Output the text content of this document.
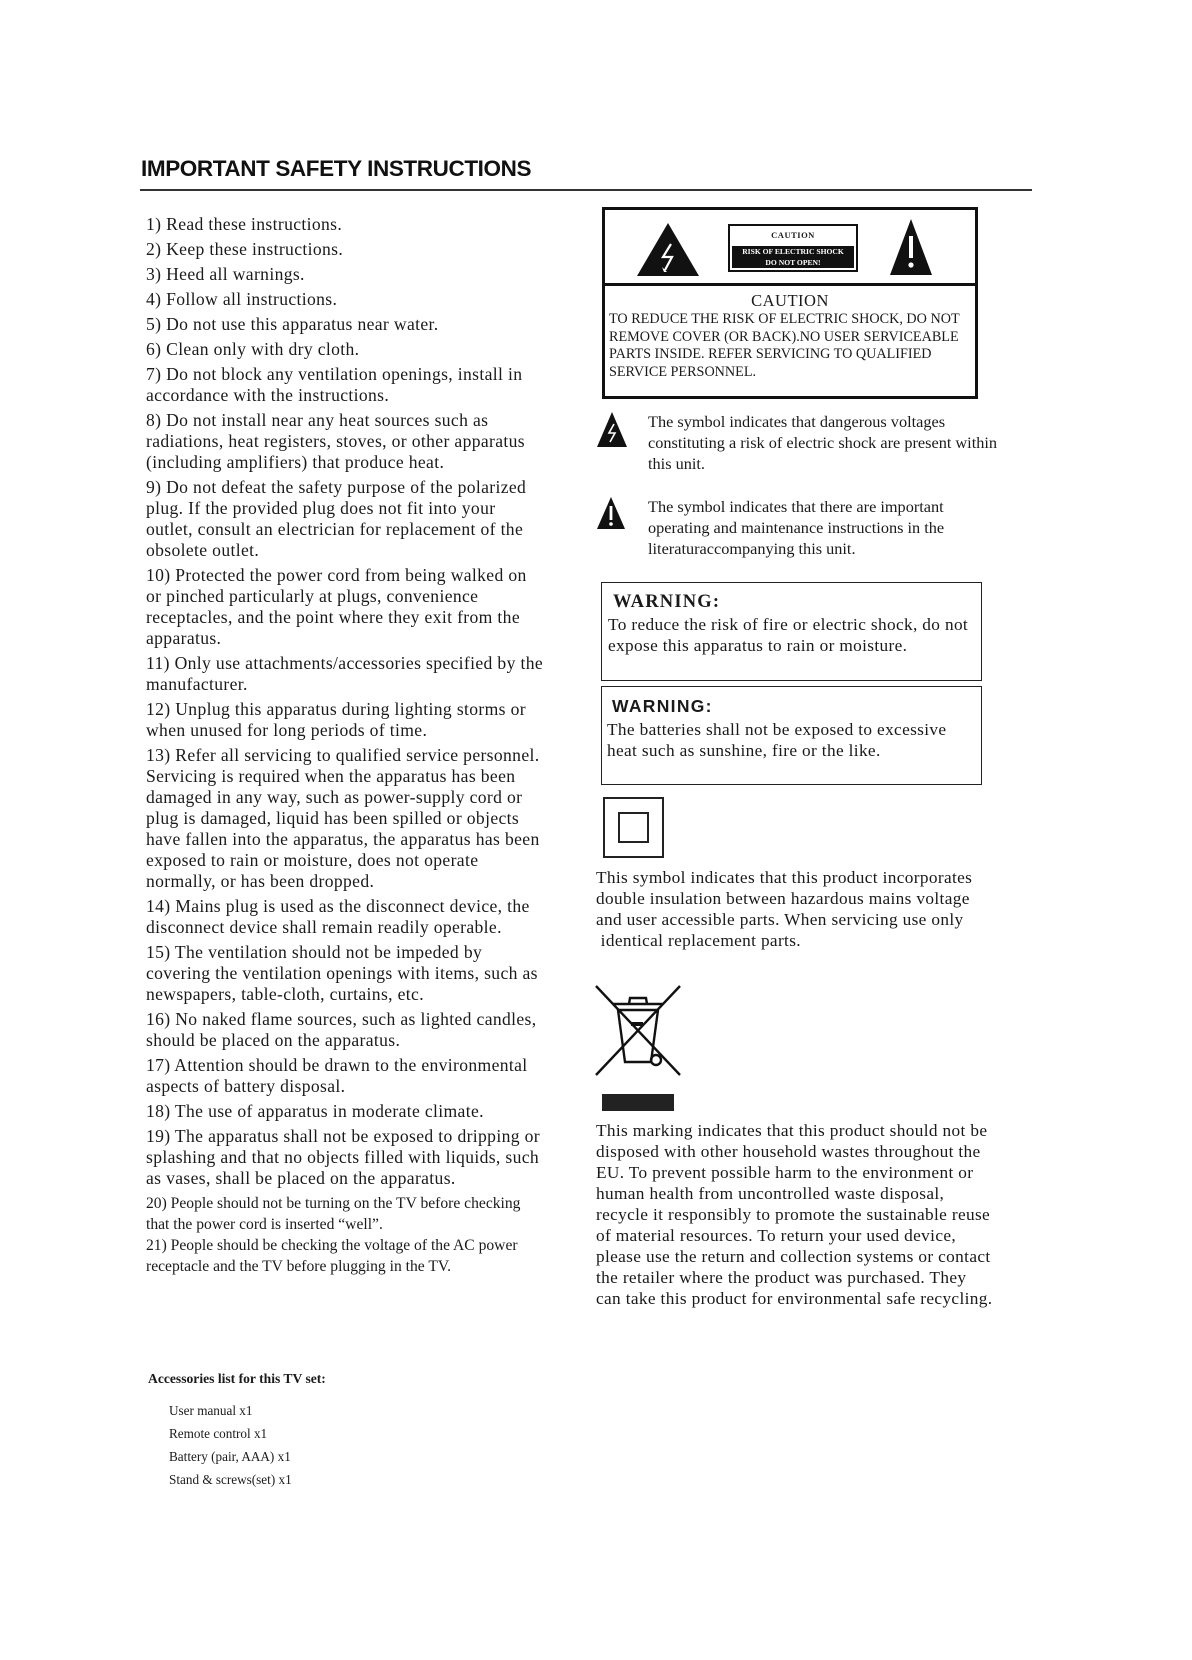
IMPORTANT SAFETY INSTRUCTIONS
1) Read these instructions.
2) Keep these instructions.
3) Heed all warnings.
4) Follow all instructions.
5) Do not use this apparatus near water.
6) Clean only with dry cloth.
7) Do not block any ventilation openings, install in accordance with the instructions.
8) Do not install near any heat sources such as radiations, heat registers, stoves, or other apparatus (including amplifiers) that produce heat.
9) Do not defeat the safety purpose of the polarized plug. If the provided plug does not fit into your outlet, consult an electrician for replacement of the obsolete outlet.
10) Protected the power cord from being walked on or pinched particularly at plugs, convenience receptacles, and the point where they exit from the apparatus.
11) Only use attachments/accessories specified by the manufacturer.
12) Unplug this apparatus during lighting storms or when unused for long periods of time.
13) Refer all servicing to qualified service personnel. Servicing is required when the apparatus has been damaged in any way, such as power-supply cord or plug is damaged, liquid has been spilled or objects have fallen into the apparatus, the apparatus has been exposed to rain or moisture, does not operate normally, or has been dropped.
14) Mains plug is used as the disconnect device, the disconnect device shall remain readily operable.
15) The ventilation should not be impeded by covering the ventilation openings with items, such as newspapers, table-cloth, curtains, etc.
16) No naked flame sources, such as lighted candles, should be placed on the apparatus.
17) Attention should be drawn to the environmental aspects of battery disposal.
18) The use of apparatus in moderate climate.
19) The apparatus shall not be exposed to dripping or splashing and that no objects filled with liquids, such as vases, shall be placed on the apparatus.
20) People should not be turning on the TV before checking that the power cord is inserted “well”.
21) People should be checking the voltage of the AC power receptacle and the TV before plugging in the TV.
Accessories list for this TV set:
User manual x1
Remote control x1
Battery (pair, AAA) x1
Stand & screws(set) x1
CAUTION
RISK OF ELECTRIC SHOCK
DO NOT OPEN!
CAUTION
TO REDUCE THE RISK OF ELECTRIC SHOCK, DO NOT REMOVE COVER (OR BACK).NO USER SERVICEABLE PARTS INSIDE. REFER SERVICING TO QUALIFIED SERVICE PERSONNEL.
The symbol indicates that dangerous voltages constituting a risk of electric shock are present within this unit.
The symbol indicates that there are important operating and maintenance instructions in the literaturaccompanying this unit.
WARNING:
To reduce the risk of fire or electric shock, do not expose this apparatus to rain or moisture.
WARNING:
The batteries shall not be exposed to excessive heat such as sunshine, fire or the like.
This symbol indicates that this product incorporates double insulation between hazardous mains voltage and user accessible parts. When servicing use only
identical replacement parts.
This marking indicates that this product should not be disposed with other household wastes throughout the EU. To prevent possible harm to the environment or human health from uncontrolled waste disposal, recycle it responsibly to promote the sustainable reuse of material resources. To return your used device, please use the return and collection systems or contact the retailer where the product was purchased. They can take this product for environmental safe recycling.
